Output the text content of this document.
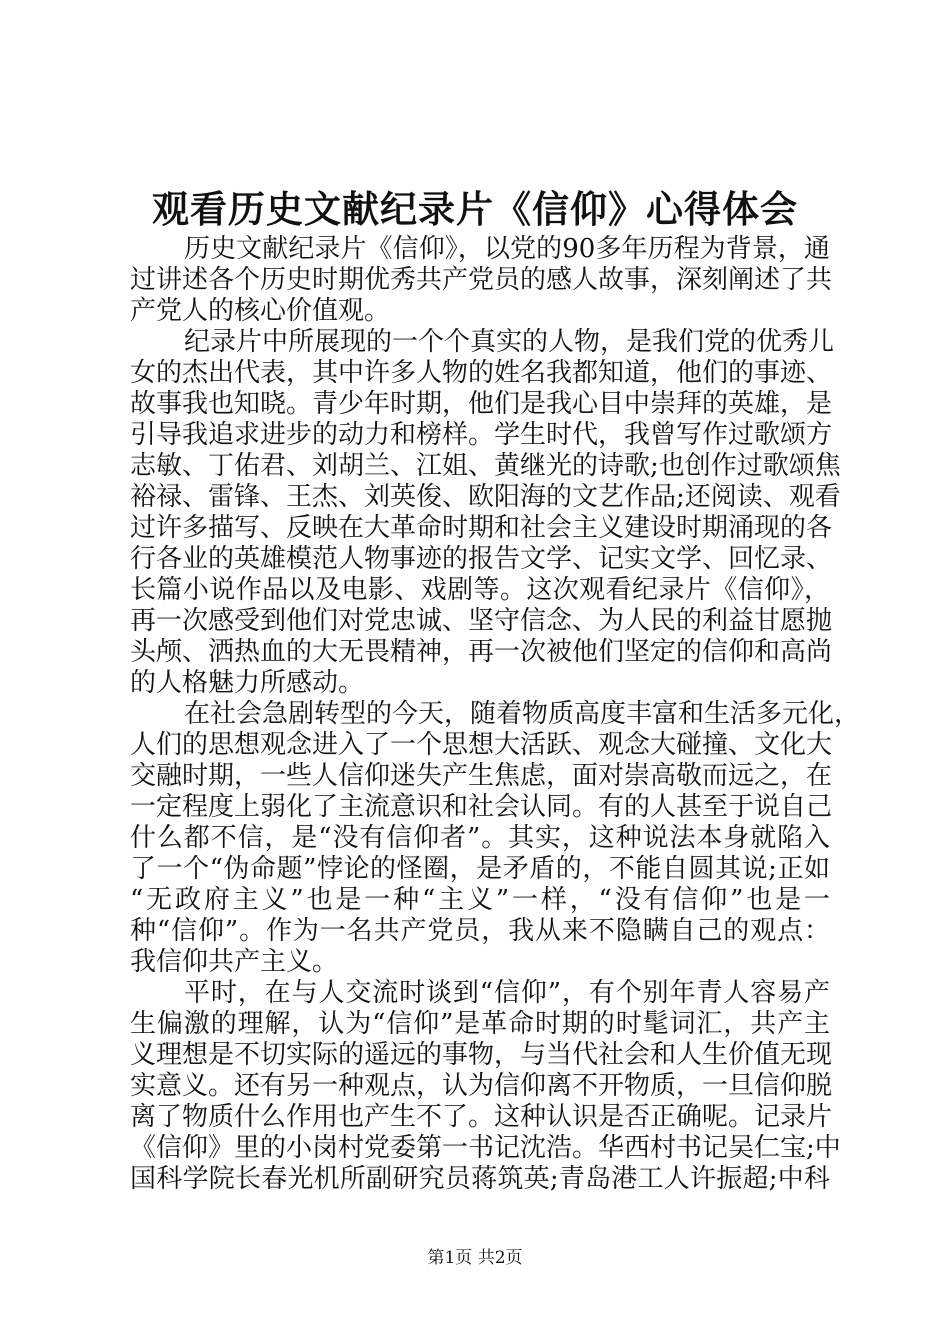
观看历史文献纪录片《信仰》心得体会
历史文献纪录片《信仰》，以党的90多年历程为背景，通
过讲述各个历史时期优秀共产党员的感人故事，深刻阐述了共
产党人的核心价值观。
纪录片中所展现的一个个真实的人物，是我们党的优秀儿
女的杰出代表，其中许多人物的姓名我都知道，他们的事迹、
故事我也知晓。青少年时期，他们是我心目中崇拜的英雄，是
引导我追求进步的动力和榜样。学生时代，我曾写作过歌颂方
志敏、丁佑君、刘胡兰、江姐、黄继光的诗歌;也创作过歌颂焦
裕禄、雷锋、王杰、刘英俊、欧阳海的文艺作品;还阅读、观看
过许多描写、反映在大革命时期和社会主义建设时期涌现的各
行各业的英雄模范人物事迹的报告文学、记实文学、回忆录、
长篇小说作品以及电影、戏剧等。这次观看纪录片《信仰》，
再一次感受到他们对党忠诚、坚守信念、为人民的利益甘愿抛
头颅、洒热血的大无畏精神，再一次被他们坚定的信仰和高尚
的人格魅力所感动。
在社会急剧转型的今天，随着物质高度丰富和生活多元化，
人们的思想观念进入了一个思想大活跃、观念大碰撞、文化大
交融时期，一些人信仰迷失产生焦虑，面对崇高敬而远之，在
一定程度上弱化了主流意识和社会认同。有的人甚至于说自己
什么都不信，是“没有信仰者”。其实，这种说法本身就陷入
了一个“伪命题”悖论的怪圈，是矛盾的，不能自圆其说;正如
“无政府主义”也是一种“主义”一样，“没有信仰”也是一
种“信仰”。作为一名共产党员，我从来不隐瞒自己的观点：
我信仰共产主义。
平时，在与人交流时谈到“信仰”，有个别年青人容易产
生偏激的理解，认为“信仰”是革命时期的时髦词汇，共产主
义理想是不切实际的遥远的事物，与当代社会和人生价值无现
实意义。还有另一种观点，认为信仰离不开物质，一旦信仰脱
离了物质什么作用也产生不了。这种认识是否正确呢。记录片
《信仰》里的小岗村党委第一书记沈浩。华西村书记吴仁宝;中
国科学院长春光机所副研究员蒋筑英;青岛港工人许振超;中科
第1页 共2页
